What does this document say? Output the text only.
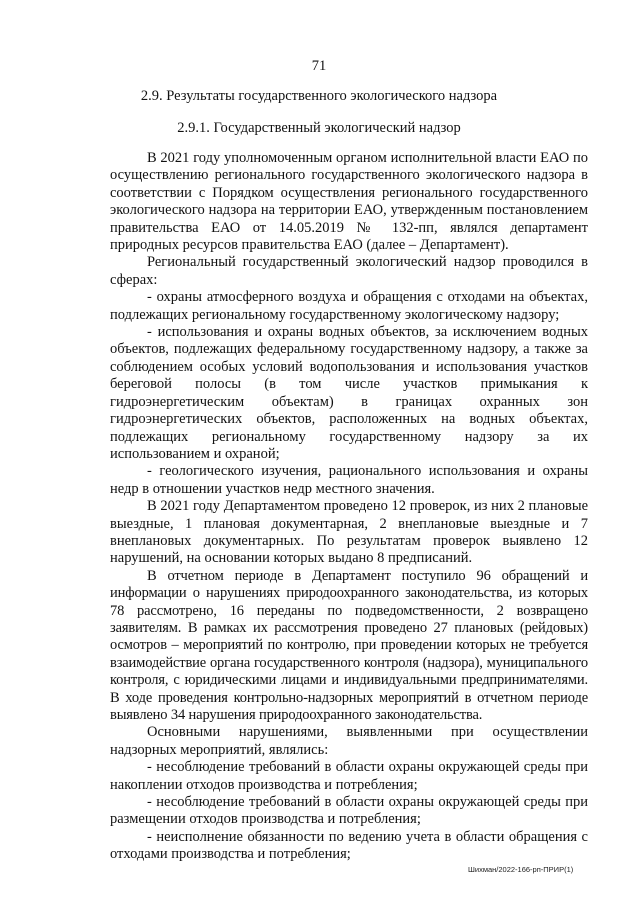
71
2.9. Результаты государственного экологического надзора
2.9.1. Государственный экологический надзор

В 2021 году уполномоченным органом исполнительной власти ЕАО по осуществлению регионального государственного экологического надзора в соответствии с Порядком осуществления регионального государственного экологического надзора на территории ЕАО, утвержденным постановлением правительства ЕАО от 14.05.2019 № 132-пп, являлся департамент природных ресурсов правительства ЕАО (далее – Департамент).

Региональный государственный экологический надзор проводился в сферах:

- охраны атмосферного воздуха и обращения с отходами на объектах, подлежащих региональному государственному экологическому надзору;

- использования и охраны водных объектов, за исключением водных объектов, подлежащих федеральному государственному надзору, а также за соблюдением особых условий водопользования и использования участков береговой полосы (в том числе участков примыкания к гидроэнергетическим объектам) в границах охранных зон гидроэнергетических объектов, расположенных на водных объектах, подлежащих региональному государственному надзору за их использованием и охраной;

- геологического изучения, рационального использования и охраны недр в отношении участков недр местного значения.

В 2021 году Департаментом проведено 12 проверок, из них 2 плановые выездные, 1 плановая документарная, 2 внеплановые выездные и 7 внеплановых документарных. По результатам проверок выявлено 12 нарушений, на основании которых выдано 8 предписаний.

В отчетном периоде в Департамент поступило 96 обращений и информации о нарушениях природоохранного законодательства, из которых 78 рассмотрено, 16 переданы по подведомственности, 2 возвращено заявителям. В рамках их рассмотрения проведено 27 плановых (рейдовых) осмотров – мероприятий по контролю, при проведении которых не требуется взаимодействие органа государственного контроля (надзора), муниципального контроля, с юридическими лицами и индивидуальными предпринимателями. В ходе проведения контрольно-надзорных мероприятий в отчетном периоде выявлено 34 нарушения природоохранного законодательства.

Основными нарушениями, выявленными при осуществлении надзорных мероприятий, являлись:

- несоблюдение требований в области охраны окружающей среды при накоплении отходов производства и потребления;

- несоблюдение требований в области охраны окружающей среды при размещении отходов производства и потребления;

- неисполнение обязанности по ведению учета в области обращения с отходами производства и потребления;

Шихман/2022-166-рп-ПРИР(1)
